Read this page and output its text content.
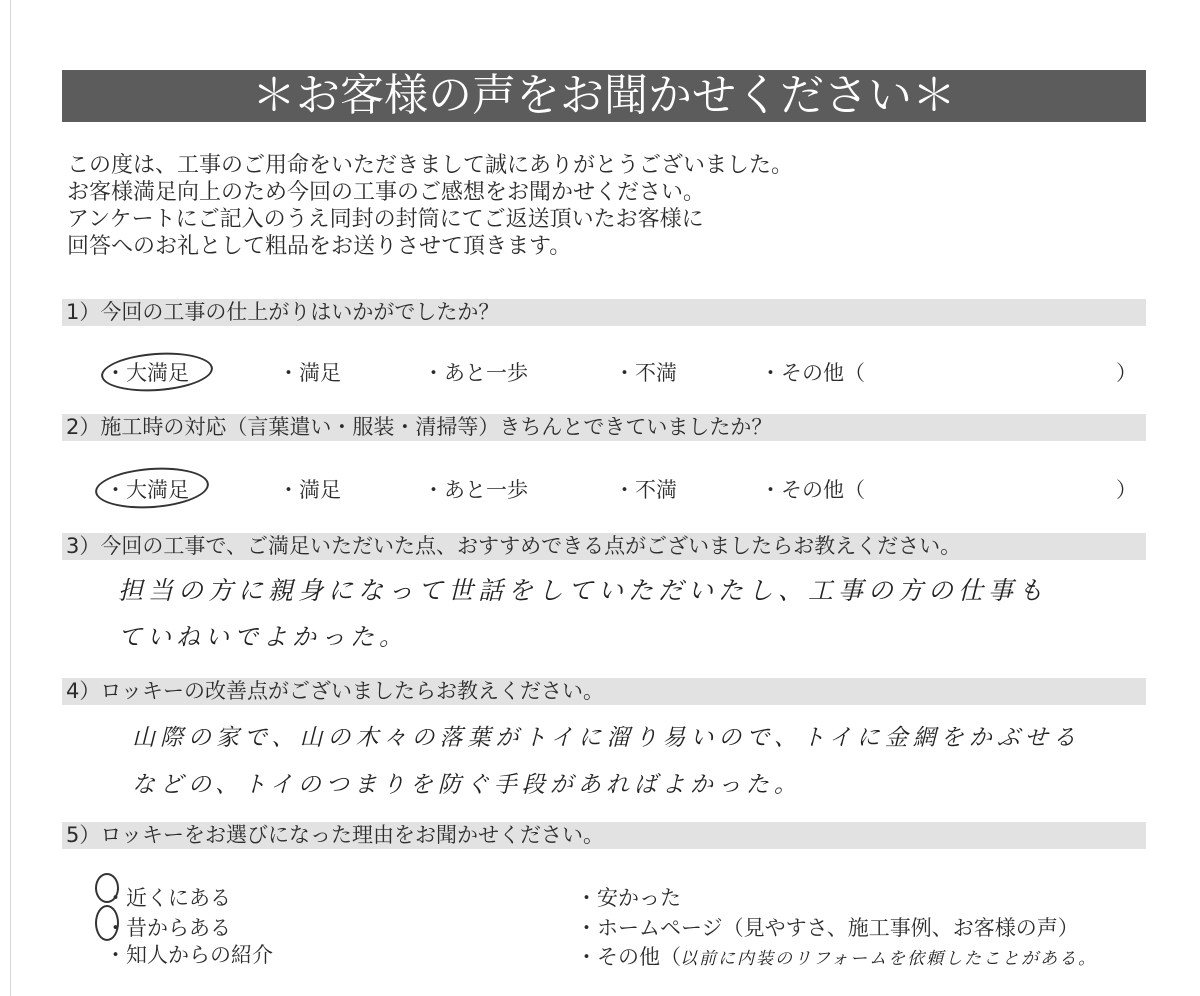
＊お客様の声をお聞かせください＊
この度は、工事のご用命をいただきまして誠にありがとうございました。
お客様満足向上のため今回の工事のご感想をお聞かせください。
アンケートにご記入のうえ同封の封筒にてご返送頂いたお客様に
回答へのお礼として粗品をお送りさせて頂きます。
1）今回の工事の仕上がりはいかがでしたか？
・大満足	・満足	・あと一歩	・不満	・その他（	）
2）施工時の対応（言葉遣い・服装・清掃等）きちんとできていましたか？
・大満足	・満足	・あと一歩	・不満	・その他（	）
3）今回の工事で、ご満足いただいた点、おすすめできる点がございましたらお教えください。
担当の方に親身になって世話をしていただいたし、工事の方の仕事も
ていねいでよかった。
4）ロッキーの改善点がございましたらお教えください。
山際の家で、山の木々の落葉がトイに溜り易いので、トイに金網をかぶせる
などの、トイのつまりを防ぐ手段があればよかった。
5）ロッキーをお選びになった理由をお聞かせください。
・近くにある
・昔からある
・知人からの紹介
・安かった
・ホームページ（見やすさ、施工事例、お客様の声）
・その他（ 以前に内装のリフォームを依頼したことがある。
